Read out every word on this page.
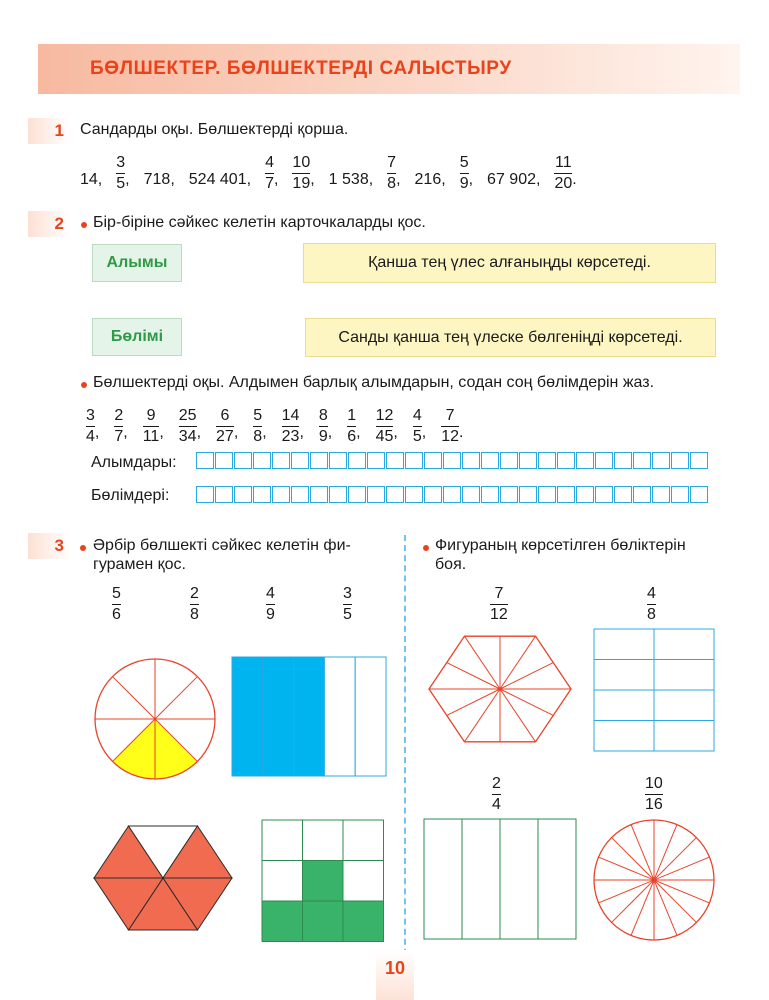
БӨЛШЕКТЕР. БӨЛШЕКТЕРДІ САЛЫСТЫРУ
1	Сандарды оқы. Бөлшектерді қорша.
14 , $\frac{3}{5}$ , 718 , 524 401 , $\frac{4}{7}$ , $\frac{10}{19}$ , 1 538 , $\frac{7}{8}$ , 216 , $\frac{5}{9}$ , 67 902 , $\frac{11}{20}$ .
2	Бір-біріне сәйкес келетін карточкаларды қос.
Алымы	Қанша тең үлес алғаныңды көрсетеді.
Бөлімі	Санды қанша тең үлеске бөлгеніңді көрсетеді.
Бөлшектерді оқы. Алдымен барлық алымдарын, содан соң бөлімдерін жаз.
$\frac{3}{4}$ , $\frac{2}{7}$ , $\frac{9}{11}$ , $\frac{25}{34}$ , $\frac{6}{27}$ , $\frac{5}{8}$ , $\frac{14}{23}$ , $\frac{8}{9}$ , $\frac{1}{6}$ , $\frac{12}{45}$ , $\frac{4}{5}$ , $\frac{7}{12}$ .
Алымдары:
Бөлімдері:
3	Әрбір бөлшекті сәйкес келетін фи-
гурамен қос.
5
6
2
8
4
9
3
5
Фигураның көрсетілген бөліктерін
боя.
7
12
4
8
2
4
10
16
10
